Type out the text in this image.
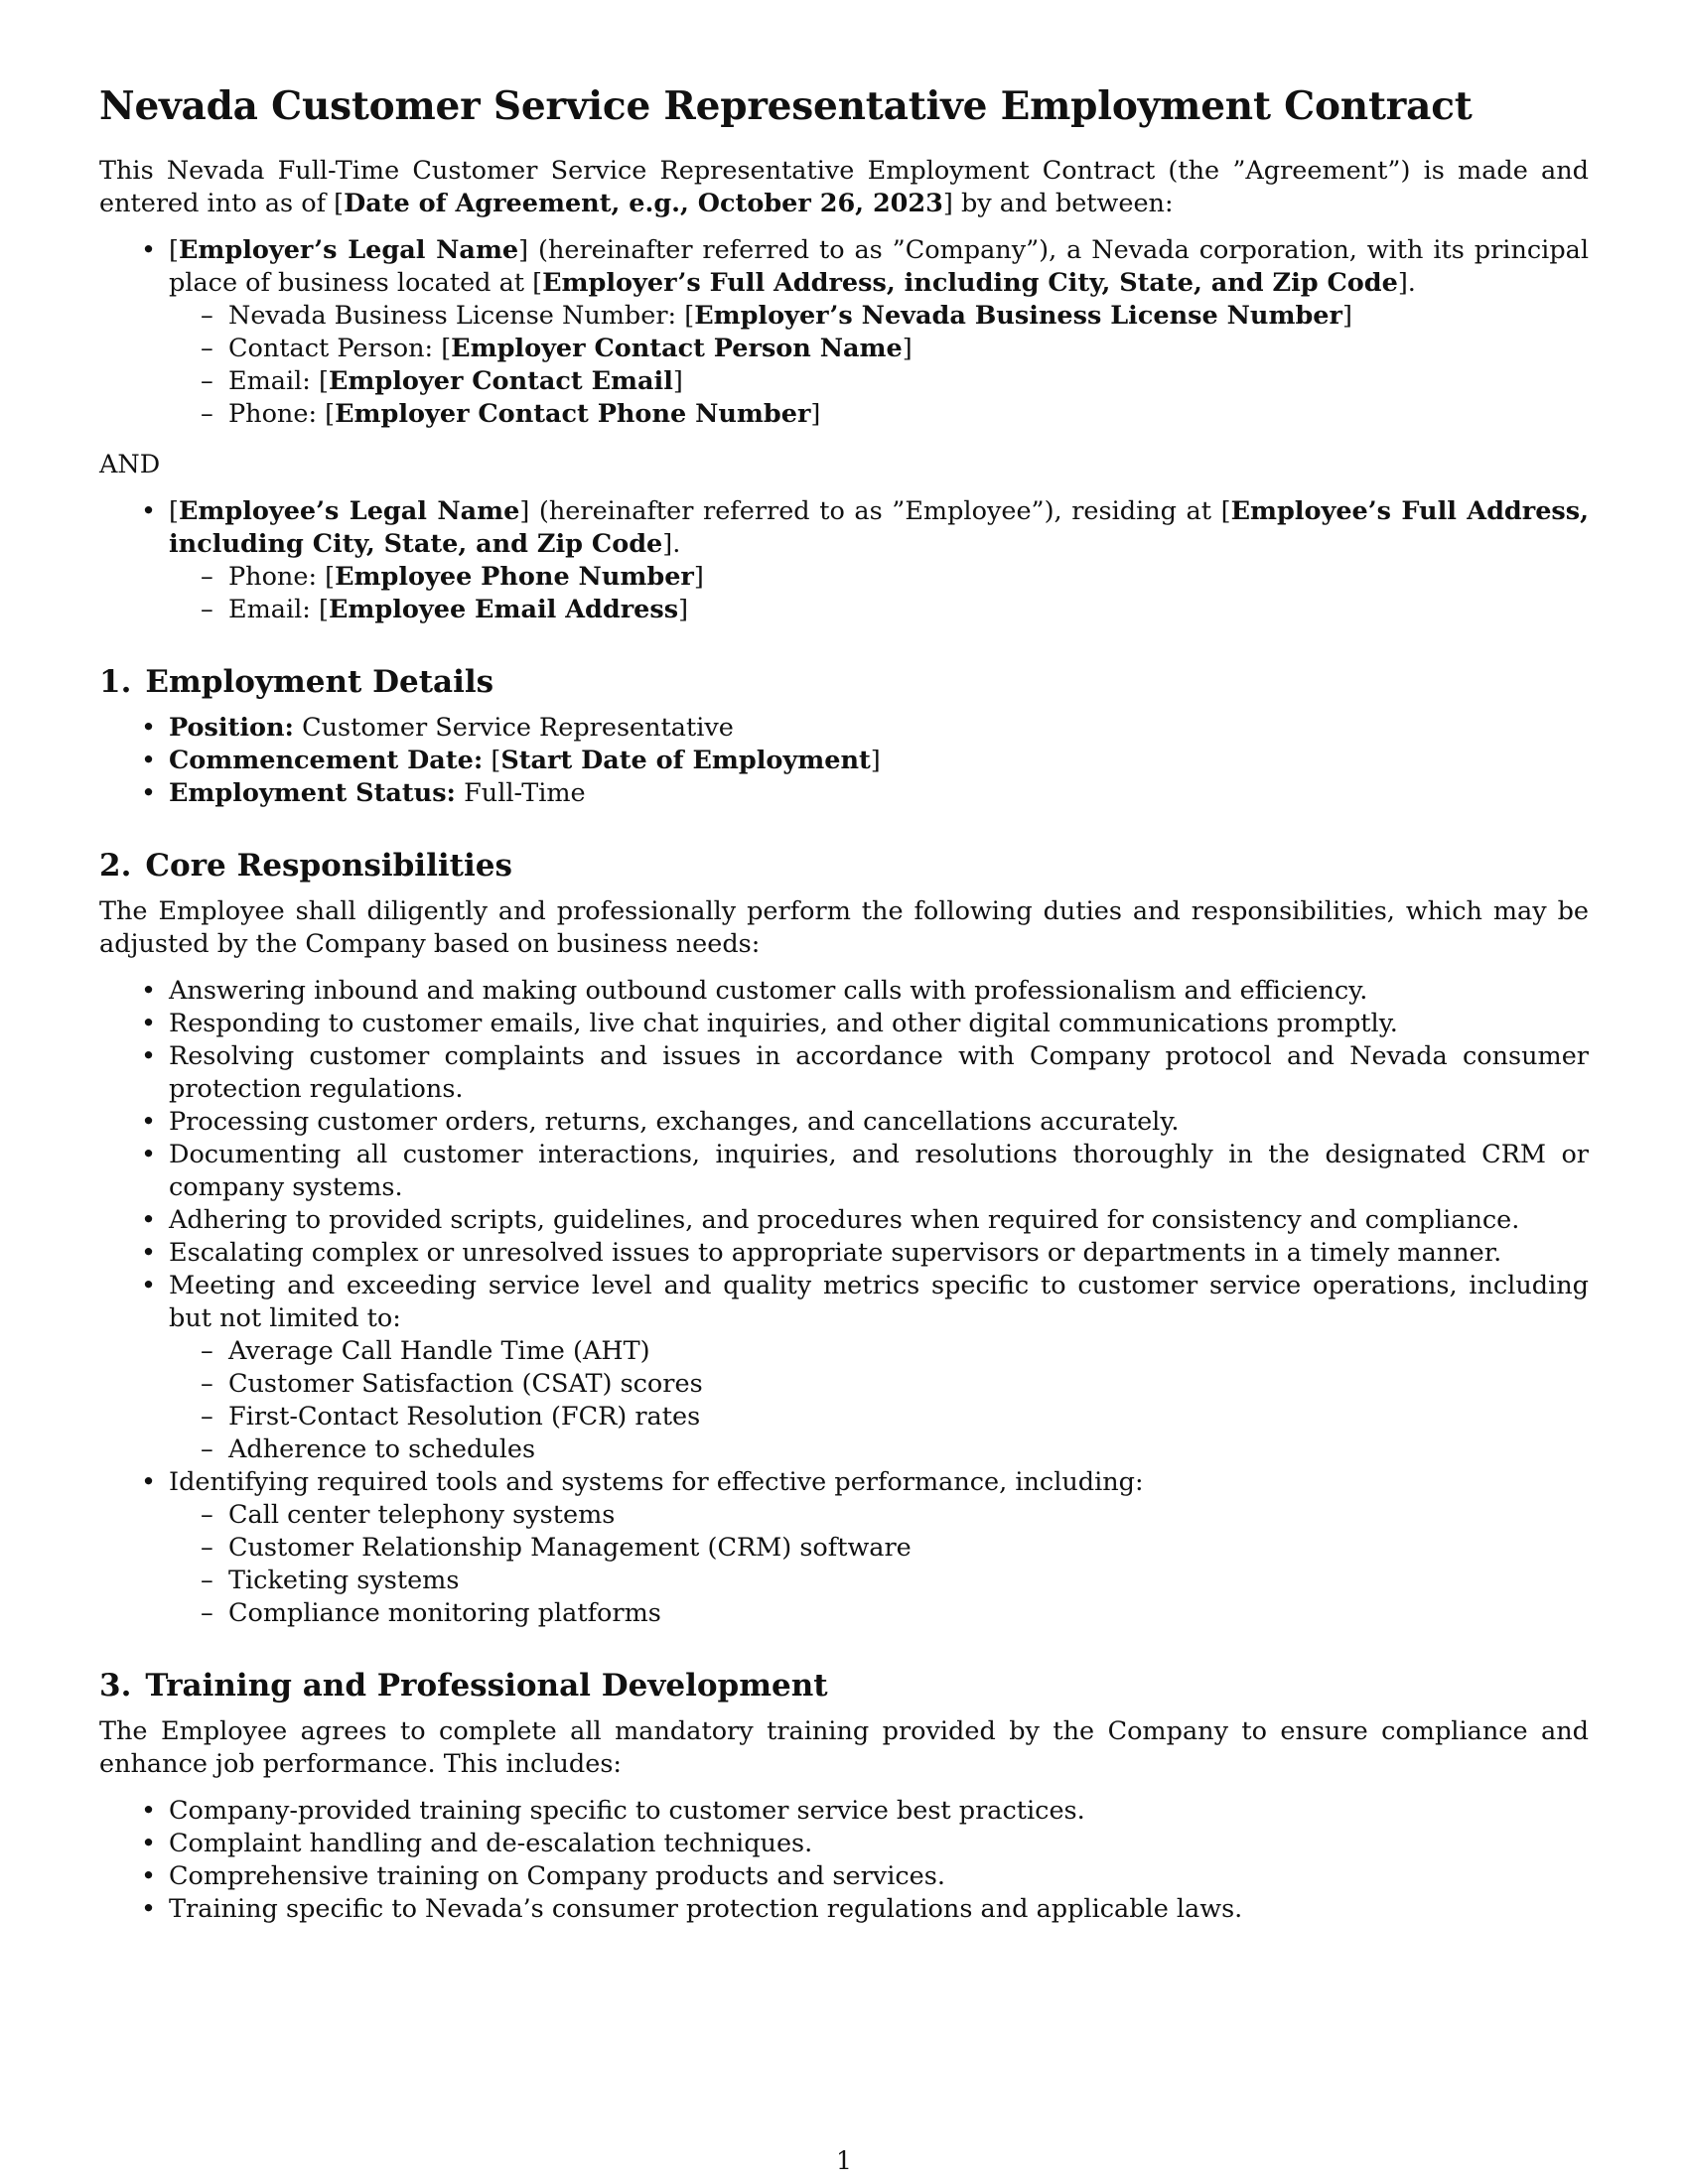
Nevada Customer Service Representative Employment Contract

This Nevada Full-Time Customer Service Representative Employment Contract (the ”Agreement”) is made and entered into as of [Date of Agreement, e.g., October 26, 2023] by and between:

• [Employer’s Legal Name] (hereinafter referred to as ”Company”), a Nevada corporation, with its principal place of business located at [Employer’s Full Address, including City, State, and Zip Code].
– Nevada Business License Number: [Employer’s Nevada Business License Number]
– Contact Person: [Employer Contact Person Name]
– Email: [Employer Contact Email]
– Phone: [Employer Contact Phone Number]

AND

• [Employee’s Legal Name] (hereinafter referred to as ”Employee”), residing at [Employee’s Full Address, including City, State, and Zip Code].
– Phone: [Employee Phone Number]
– Email: [Employee Email Address]
1. Employment Details
• Position: Customer Service Representative
• Commencement Date: [Start Date of Employment]
• Employment Status: Full-Time
2. Core Responsibilities

The Employee shall diligently and professionally perform the following duties and responsibilities, which may be adjusted by the Company based on business needs:

• Answering inbound and making outbound customer calls with professionalism and efficiency.
• Responding to customer emails, live chat inquiries, and other digital communications promptly.
• Resolving customer complaints and issues in accordance with Company protocol and Nevada consumer protection regulations.
• Processing customer orders, returns, exchanges, and cancellations accurately.
• Documenting all customer interactions, inquiries, and resolutions thoroughly in the designated CRM or company systems.
• Adhering to provided scripts, guidelines, and procedures when required for consistency and compliance.
• Escalating complex or unresolved issues to appropriate supervisors or departments in a timely manner.
• Meeting and exceeding service level and quality metrics specific to customer service operations, including but not limited to:
– Average Call Handle Time (AHT)
– Customer Satisfaction (CSAT) scores
– First-Contact Resolution (FCR) rates
– Adherence to schedules
• Identifying required tools and systems for effective performance, including:
– Call center telephony systems
– Customer Relationship Management (CRM) software
– Ticketing systems
– Compliance monitoring platforms
3. Training and Professional Development

The Employee agrees to complete all mandatory training provided by the Company to ensure compliance and enhance job performance. This includes:

• Company-provided training specific to customer service best practices.
• Complaint handling and de-escalation techniques.
• Comprehensive training on Company products and services.
• Training specific to Nevada’s consumer protection regulations and applicable laws.
1
